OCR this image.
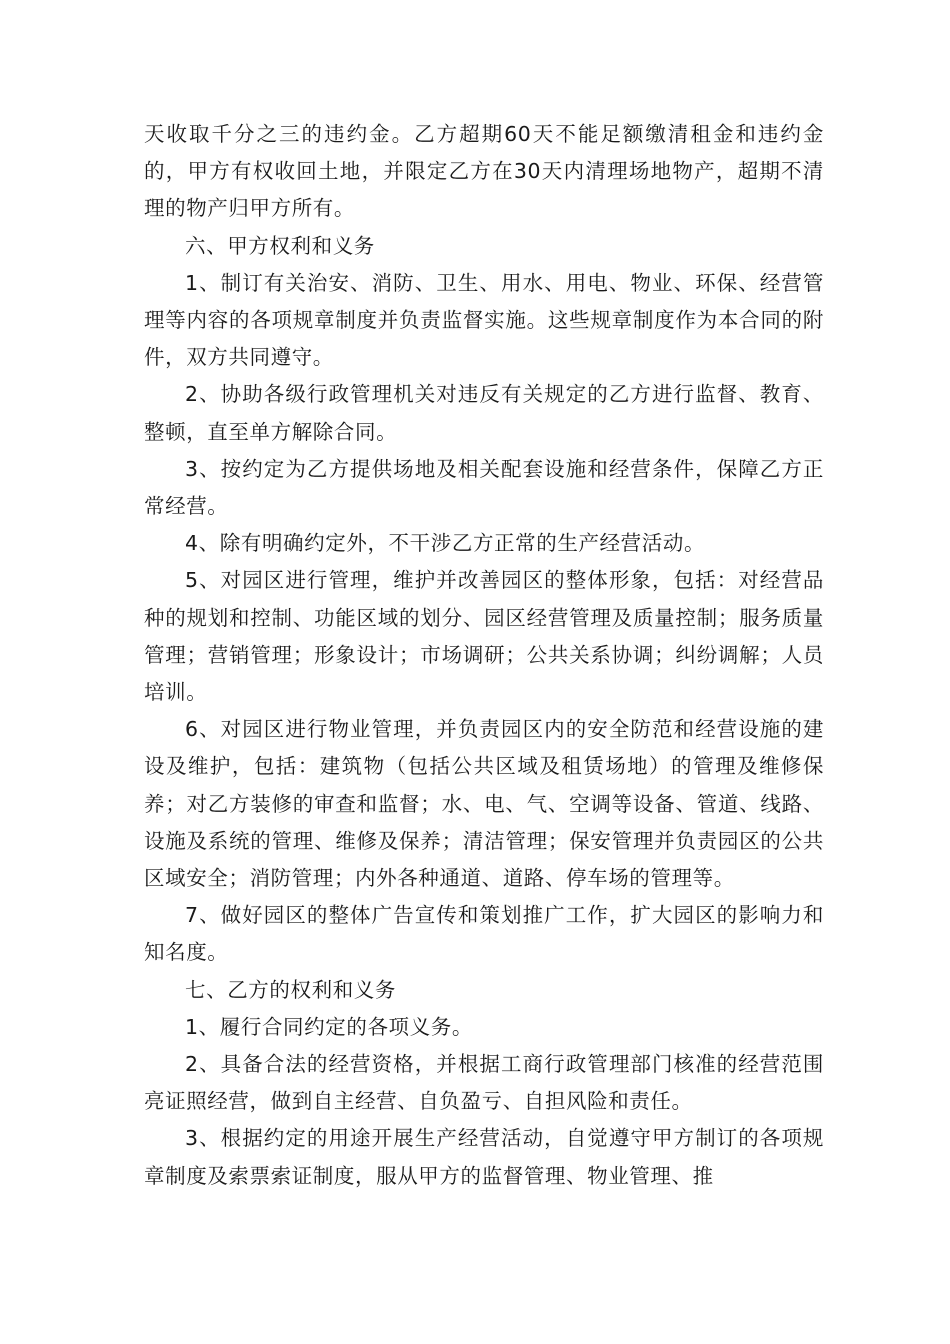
天收取千分之三的违约金。乙方超期60天不能足额缴清租金和违约金的，甲方有权收回土地，并限定乙方在30天内清理场地物产，超期不清理的物产归甲方所有。

六、甲方权利和义务

1、制订有关治安、消防、卫生、用水、用电、物业、环保、经营管理等内容的各项规章制度并负责监督实施。这些规章制度作为本合同的附件，双方共同遵守。

2、协助各级行政管理机关对违反有关规定的乙方进行监督、教育、整顿，直至单方解除合同。

3、按约定为乙方提供场地及相关配套设施和经营条件，保障乙方正常经营。

4、除有明确约定外，不干涉乙方正常的生产经营活动。

5、对园区进行管理，维护并改善园区的整体形象，包括：对经营品种的规划和控制、功能区域的划分、园区经营管理及质量控制；服务质量管理；营销管理；形象设计；市场调研；公共关系协调；纠纷调解；人员培训。

6、对园区进行物业管理，并负责园区内的安全防范和经营设施的建设及维护，包括：建筑物（包括公共区域及租赁场地）的管理及维修保养；对乙方装修的审查和监督；水、电、气、空调等设备、管道、线路、设施及系统的管理、维修及保养；清洁管理；保安管理并负责园区的公共区域安全；消防管理；内外各种通道、道路、停车场的管理等。

7、做好园区的整体广告宣传和策划推广工作，扩大园区的影响力和知名度。

七、乙方的权利和义务

1、履行合同约定的各项义务。

2、具备合法的经营资格，并根据工商行政管理部门核准的经营范围亮证照经营，做到自主经营、自负盈亏、自担风险和责任。

3、根据约定的用途开展生产经营活动，自觉遵守甲方制订的各项规章制度及索票索证制度，服从甲方的监督管理、物业管理、推
